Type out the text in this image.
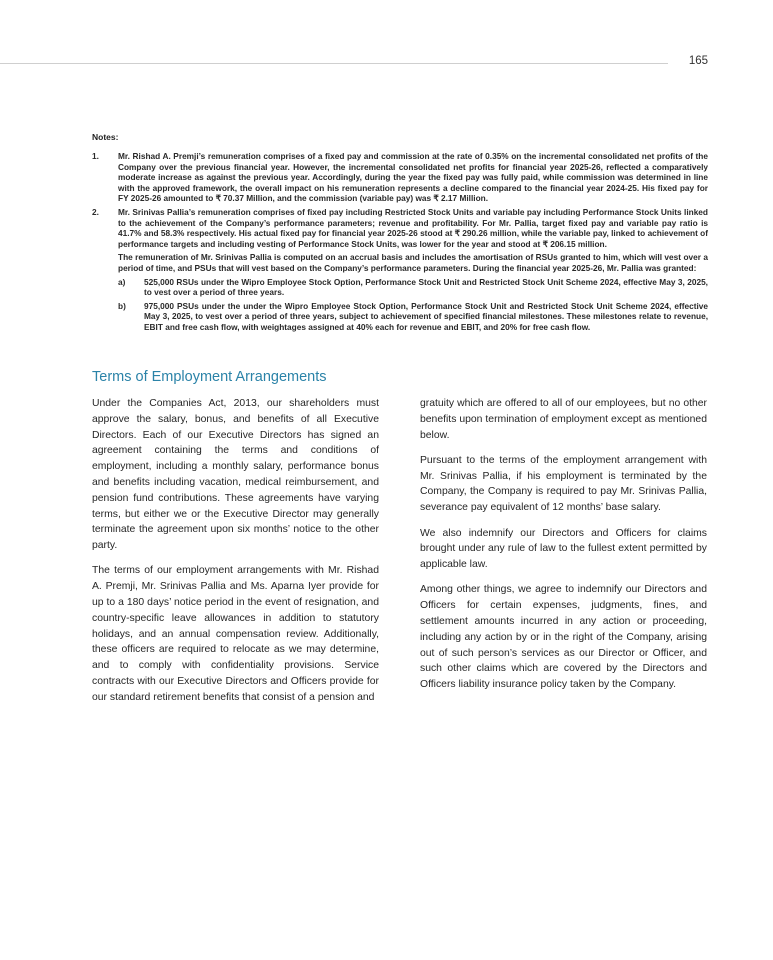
165
Notes:
1. Mr. Rishad A. Premji’s remuneration comprises of a fixed pay and commission at the rate of 0.35% on the incremental consolidated net profits of the Company over the previous financial year. However, the incremental consolidated net profits for financial year 2025-26, reflected a comparatively moderate increase as against the previous year. Accordingly, during the year the fixed pay was fully paid, while commission was determined in line with the approved framework, the overall impact on his remuneration represents a decline compared to the financial year 2024-25. His fixed pay for FY 2025-26 amounted to ₹ 70.37 Million, and the commission (variable pay) was ₹ 2.17 Million.

2. Mr. Srinivas Pallia’s remuneration comprises of fixed pay including Restricted Stock Units and variable pay including Performance Stock Units linked to the achievement of the Company’s performance parameters; revenue and profitability. For Mr. Pallia, target fixed pay and variable pay ratio is 41.7% and 58.3% respectively. His actual fixed pay for financial year 2025-26 stood at ₹ 290.26 million, while the variable pay, linked to achievement of performance targets and including vesting of Performance Stock Units, was lower for the year and stood at ₹ 206.15 million.

The remuneration of Mr. Srinivas Pallia is computed on an accrual basis and includes the amortisation of RSUs granted to him, which will vest over a period of time, and PSUs that will vest based on the Company’s performance parameters. During the financial year 2025-26, Mr. Pallia was granted:

a) 525,000 RSUs under the Wipro Employee Stock Option, Performance Stock Unit and Restricted Stock Unit Scheme 2024, effective May 3, 2025, to vest over a period of three years.
b) 975,000 PSUs under the under the Wipro Employee Stock Option, Performance Stock Unit and Restricted Stock Unit Scheme 2024, effective May 3, 2025, to vest over a period of three years, subject to achievement of specified financial milestones. These milestones relate to revenue, EBIT and free cash flow, with weightages assigned at 40% each for revenue and EBIT, and 20% for free cash flow.
Terms of Employment Arrangements

Under the Companies Act, 2013, our shareholders must approve the salary, bonus, and benefits of all Executive Directors. Each of our Executive Directors has signed an agreement containing the terms and conditions of employment, including a monthly salary, performance bonus and benefits including vacation, medical reimbursement, and pension fund contributions. These agreements have varying terms, but either we or the Executive Director may generally terminate the agreement upon six months’ notice to the other party.

The terms of our employment arrangements with Mr. Rishad A. Premji, Mr. Srinivas Pallia and Ms. Aparna Iyer provide for up to a 180 days’ notice period in the event of resignation, and country-specific leave allowances in addition to statutory holidays, and an annual compensation review. Additionally, these officers are required to relocate as we may determine, and to comply with confidentiality provisions. Service contracts with our Executive Directors and Officers provide for our standard retirement benefits that consist of a pension and

gratuity which are offered to all of our employees, but no other benefits upon termination of employment except as mentioned below.

Pursuant to the terms of the employment arrangement with Mr. Srinivas Pallia, if his employment is terminated by the Company, the Company is required to pay Mr. Srinivas Pallia, severance pay equivalent of 12 months’ base salary.

We also indemnify our Directors and Officers for claims brought under any rule of law to the fullest extent permitted by applicable law.

Among other things, we agree to indemnify our Directors and Officers for certain expenses, judgments, fines, and settlement amounts incurred in any action or proceeding, including any action by or in the right of the Company, arising out of such person’s services as our Director or Officer, and such other claims which are covered by the Directors and Officers liability insurance policy taken by the Company.
